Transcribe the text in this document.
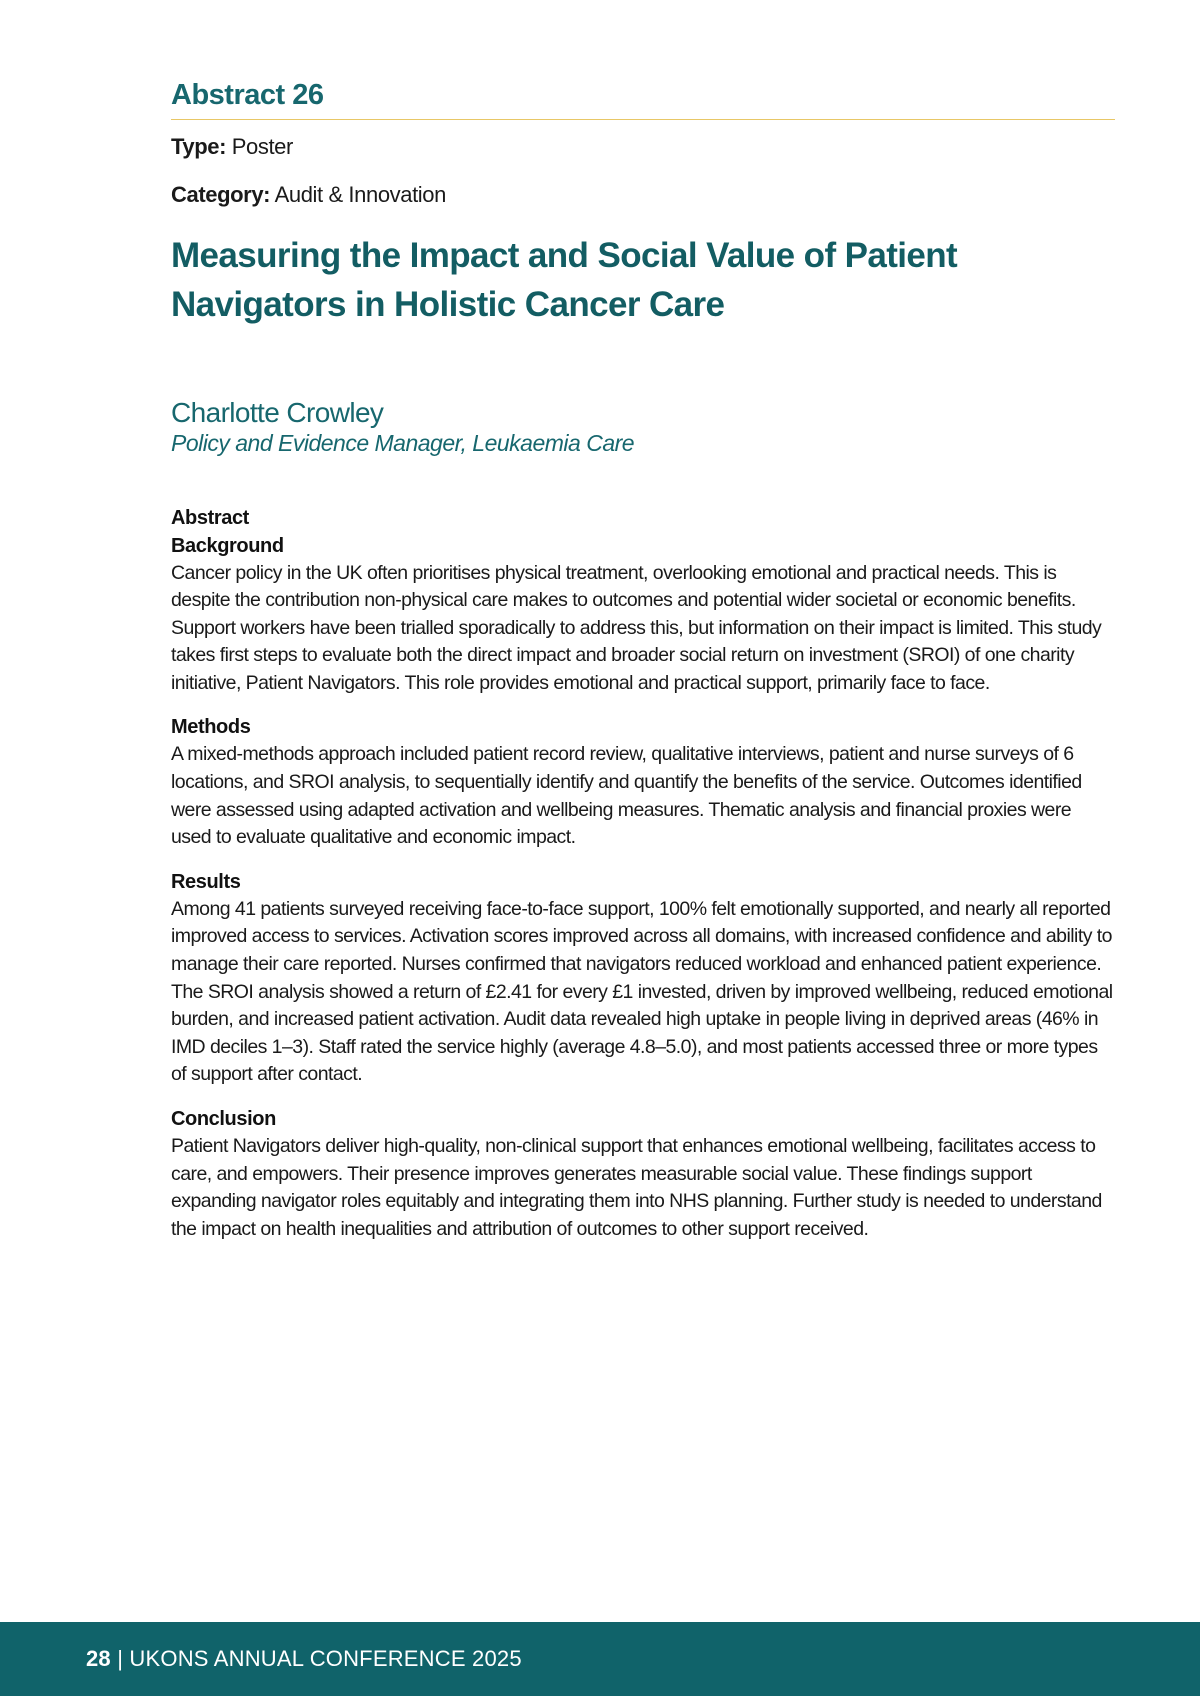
Abstract 26

Type: Poster

Category: Audit & Innovation

Measuring the Impact and Social Value of Patient Navigators in Holistic Cancer Care

Charlotte Crowley

Policy and Evidence Manager, Leukaemia Care

Abstract

Background

Cancer policy in the UK often prioritises physical treatment, overlooking emotional and practical needs. This is despite the contribution non-physical care makes to outcomes and potential wider societal or economic benefits. Support workers have been trialled sporadically to address this, but information on their impact is limited. This study takes first steps to evaluate both the direct impact and broader social return on investment (SROI) of one charity initiative, Patient Navigators. This role provides emotional and practical support, primarily face to face.

Methods

A mixed-methods approach included patient record review, qualitative interviews, patient and nurse surveys of 6 locations, and SROI analysis, to sequentially identify and quantify the benefits of the service. Outcomes identified were assessed using adapted activation and wellbeing measures. Thematic analysis and financial proxies were used to evaluate qualitative and economic impact.

Results

Among 41 patients surveyed receiving face-to-face support, 100% felt emotionally supported, and nearly all reported improved access to services. Activation scores improved across all domains, with increased confidence and ability to manage their care reported. Nurses confirmed that navigators reduced workload and enhanced patient experience. The SROI analysis showed a return of £2.41 for every £1 invested, driven by improved wellbeing, reduced emotional burden, and increased patient activation. Audit data revealed high uptake in people living in deprived areas (46% in IMD deciles 1–3). Staff rated the service highly (average 4.8–5.0), and most patients accessed three or more types of support after contact.

Conclusion

Patient Navigators deliver high-quality, non-clinical support that enhances emotional wellbeing, facilitates access to care, and empowers. Their presence improves generates measurable social value. These findings support expanding navigator roles equitably and integrating them into NHS planning. Further study is needed to understand the impact on health inequalities and attribution of outcomes to other support received.

28 | UKONS ANNUAL CONFERENCE 2025
